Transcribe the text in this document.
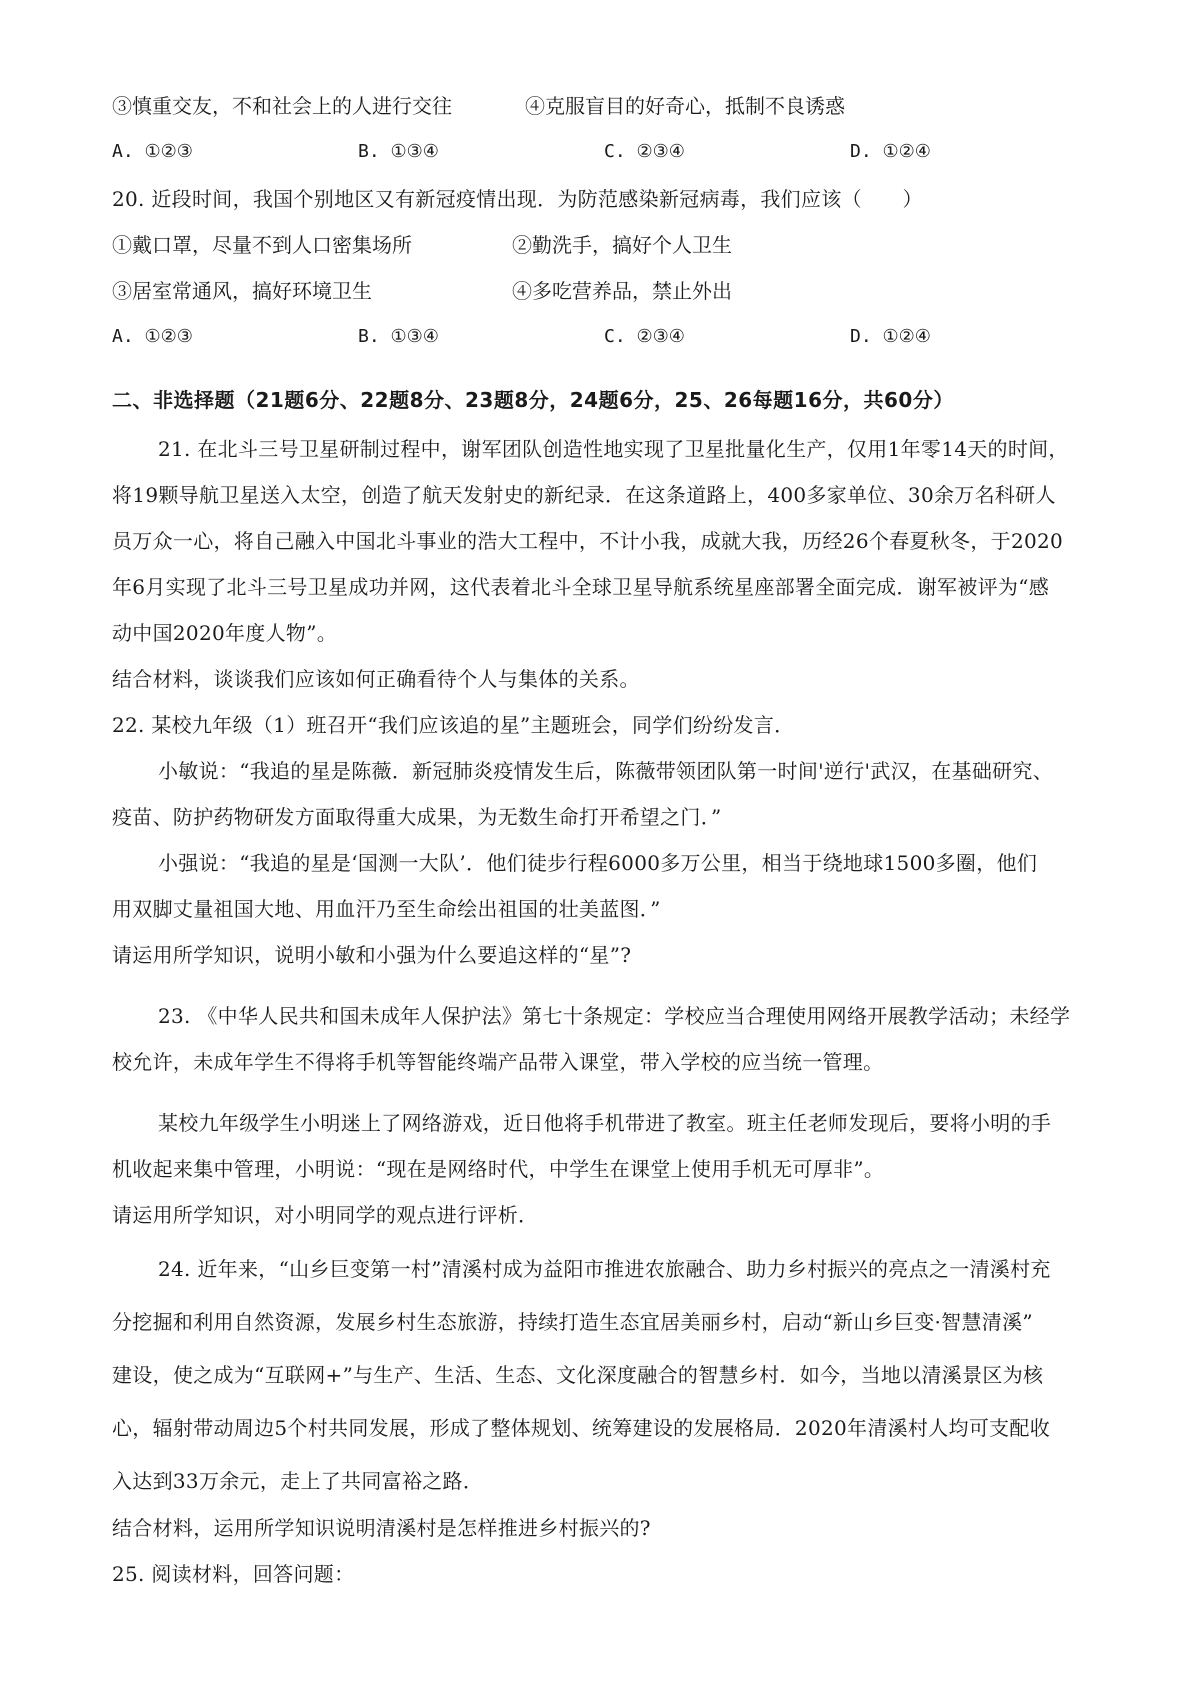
③慎重交友，不和社会上的人进行交往	④克服盲目的好奇心，抵制不良诱惑
A. ①②③	B. ①③④	C. ②③④	D. ①②④
20. 近段时间，我国个别地区又有新冠疫情出现．为防范感染新冠病毒，我们应该（　　）
①戴口罩，尽量不到人口密集场所	②勤洗手，搞好个人卫生
③居室常通风，搞好环境卫生	④多吃营养品，禁止外出
A. ①②③	B. ①③④	C. ②③④	D. ①②④
二、非选择题（21题6分、22题8分、23题8分，24题6分，25、26每题16分，共60分）
21. 在北斗三号卫星研制过程中，谢军团队创造性地实现了卫星批量化生产，仅用1年零14天的时间，
将19颗导航卫星送入太空，创造了航天发射史的新纪录．在这条道路上，400多家单位、30余万名科研人
员万众一心，将自己融入中国北斗事业的浩大工程中，不计小我，成就大我，历经26个春夏秋冬，于2020
年6月实现了北斗三号卫星成功并网，这代表着北斗全球卫星导航系统星座部署全面完成．谢军被评为“感
动中国2020年度人物”。
结合材料，谈谈我们应该如何正确看待个人与集体的关系。
22. 某校九年级（1）班召开“我们应该追的星”主题班会，同学们纷纷发言．
小敏说：“我追的星是陈薇．新冠肺炎疫情发生后，陈薇带领团队第一时间'逆行'武汉，在基础研究、
疫苗、防护药物研发方面取得重大成果，为无数生命打开希望之门．”
小强说：“我追的星是‘国测一大队’．他们徒步行程6000多万公里，相当于绕地球1500多圈，他们
用双脚丈量祖国大地、用血汗乃至生命绘出祖国的壮美蓝图．”
请运用所学知识，说明小敏和小强为什么要追这样的“星”?
23. 《中华人民共和国未成年人保护法》第七十条规定：学校应当合理使用网络开展教学活动；未经学
校允许，未成年学生不得将手机等智能终端产品带入课堂，带入学校的应当统一管理。
某校九年级学生小明迷上了网络游戏，近日他将手机带进了教室。班主任老师发现后，要将小明的手
机收起来集中管理，小明说：“现在是网络时代，中学生在课堂上使用手机无可厚非”。
请运用所学知识，对小明同学的观点进行评析．
24. 近年来，“山乡巨变第一村”清溪村成为益阳市推进农旅融合、助力乡村振兴的亮点之一清溪村充
分挖掘和利用自然资源，发展乡村生态旅游，持续打造生态宜居美丽乡村，启动“新山乡巨变·智慧清溪”
建设，使之成为“互联网+”与生产、生活、生态、文化深度融合的智慧乡村．如今，当地以清溪景区为核
心，辐射带动周边5个村共同发展，形成了整体规划、统筹建设的发展格局．2020年清溪村人均可支配收
入达到33万余元，走上了共同富裕之路．
结合材料，运用所学知识说明清溪村是怎样推进乡村振兴的?
25. 阅读材料，回答问题：
